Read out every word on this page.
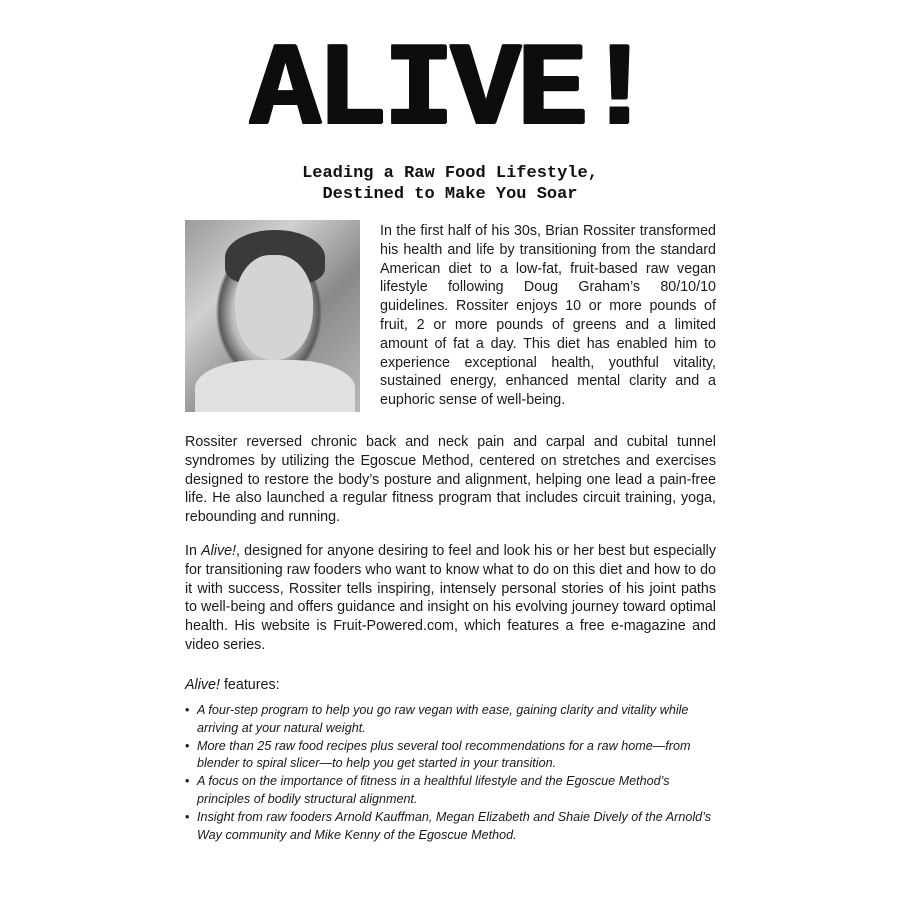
ALIVE!
Leading a Raw Food Lifestyle,
Destined to Make You Soar
In the first half of his 30s, Brian Rossiter transformed his health and life by transitioning from the standard American diet to a low-fat, fruit-based raw vegan lifestyle following Doug Graham’s 80/10/10 guidelines. Rossiter enjoys 10 or more pounds of fruit, 2 or more pounds of greens and a limited amount of fat a day. This diet has enabled him to experience exceptional health, youthful vitality, sustained energy, enhanced mental clarity and a euphoric sense of well-being.
Rossiter reversed chronic back and neck pain and carpal and cubital tunnel syndromes by utilizing the Egoscue Method, centered on stretches and exercises designed to restore the body’s posture and alignment, helping one lead a pain-free life. He also launched a regular fitness program that includes circuit training, yoga, rebounding and running.
In Alive!, designed for anyone desiring to feel and look his or her best but especially for transitioning raw fooders who want to know what to do on this diet and how to do it with success, Rossiter tells inspiring, intensely personal stories of his joint paths to well-being and offers guidance and insight on his evolving journey toward optimal health. His website is Fruit-Powered.com, which features a free e-magazine and video series.
Alive! features:
• A four-step program to help you go raw vegan with ease, gaining clarity and vitality while arriving at your natural weight.
• More than 25 raw food recipes plus several tool recommendations for a raw home—from blender to spiral slicer—to help you get started in your transition.
• A focus on the importance of fitness in a healthful lifestyle and the Egoscue Method’s principles of bodily structural alignment.
• Insight from raw fooders Arnold Kauffman, Megan Elizabeth and Shaie Dively of the Arnold’s Way community and Mike Kenny of the Egoscue Method.
